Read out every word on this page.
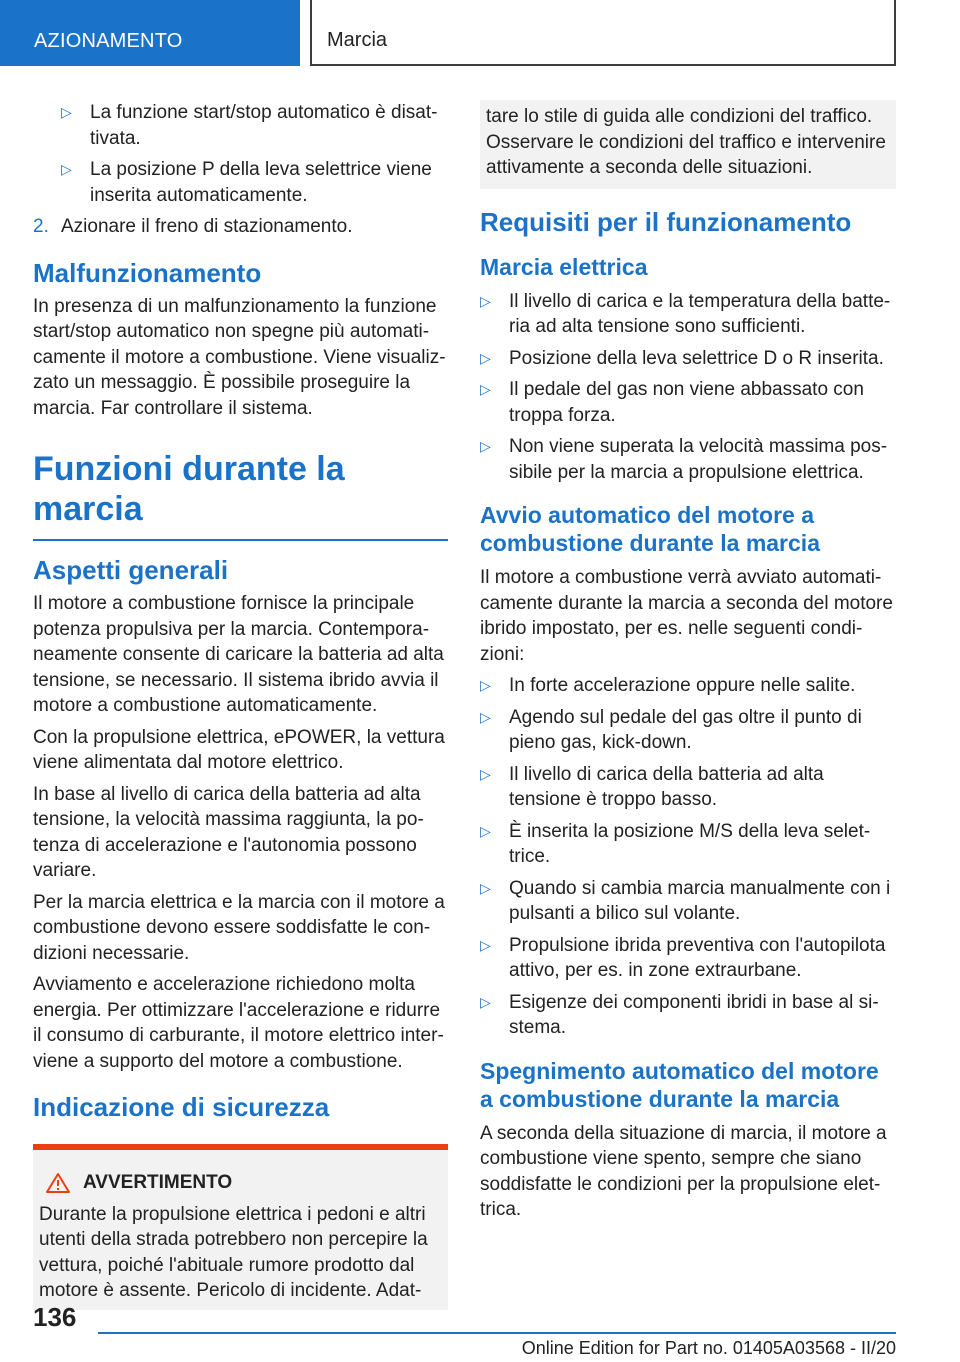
AZIONAMENTO	Marcia
▷ La funzione start/stop automatico è disattivata.
▷ La posizione P della leva selettrice viene inserita automaticamente.
2. Azionare il freno di stazionamento.
Malfunzionamento

In presenza di un malfunzionamento la funzione start/stop automatico non spegne più automaticamente il motore a combustione. Viene visualizzato un messaggio. È possibile proseguire la marcia. Far controllare il sistema.

Funzioni durante la marcia
Aspetti generali

Il motore a combustione fornisce la principale potenza propulsiva per la marcia. Contemporaneamente consente di caricare la batteria ad alta tensione, se necessario. Il sistema ibrido avvia il motore a combustione automaticamente.

Con la propulsione elettrica, ePOWER, la vettura viene alimentata dal motore elettrico.

In base al livello di carica della batteria ad alta tensione, la velocità massima raggiunta, la potenza di accelerazione e l'autonomia possono variare.

Per la marcia elettrica e la marcia con il motore a combustione devono essere soddisfatte le condizioni necessarie.

Avviamento e accelerazione richiedono molta energia. Per ottimizzare l'accelerazione e ridurre il consumo di carburante, il motore elettrico interviene a supporto del motore a combustione.

Indicazione di sicurezza
AVVERTIMENTO
Durante la propulsione elettrica i pedoni e altri utenti della strada potrebbero non percepire la vettura, poiché l'abituale rumore prodotto dal motore è assente. Pericolo di incidente. Adat-
tare lo stile di guida alle condizioni del traffico. Osservare le condizioni del traffico e intervenire attivamente a seconda delle situazioni.
Requisiti per il funzionamento
Marcia elettrica
▷ Il livello di carica e la temperatura della batteria ad alta tensione sono sufficienti.
▷ Posizione della leva selettrice D o R inserita.
▷ Il pedale del gas non viene abbassato con troppa forza.
▷ Non viene superata la velocità massima possibile per la marcia a propulsione elettrica.
Avvio automatico del motore a combustione durante la marcia

Il motore a combustione verrà avviato automaticamente durante la marcia a seconda del motore ibrido impostato, per es. nelle seguenti condizioni:

▷ In forte accelerazione oppure nelle salite.
▷ Agendo sul pedale del gas oltre il punto di pieno gas, kick-down.
▷ Il livello di carica della batteria ad alta tensione è troppo basso.
▷ È inserita la posizione M/S della leva selettrice.
▷ Quando si cambia marcia manualmente con i pulsanti a bilico sul volante.
▷ Propulsione ibrida preventiva con l'autopilota attivo, per es. in zone extraurbane.
▷ Esigenze dei componenti ibridi in base al sistema.
Spegnimento automatico del motore a combustione durante la marcia

A seconda della situazione di marcia, il motore a combustione viene spento, sempre che siano soddisfatte le condizioni per la propulsione elettrica.

136
Online Edition for Part no. 01405A03568 - II/20
